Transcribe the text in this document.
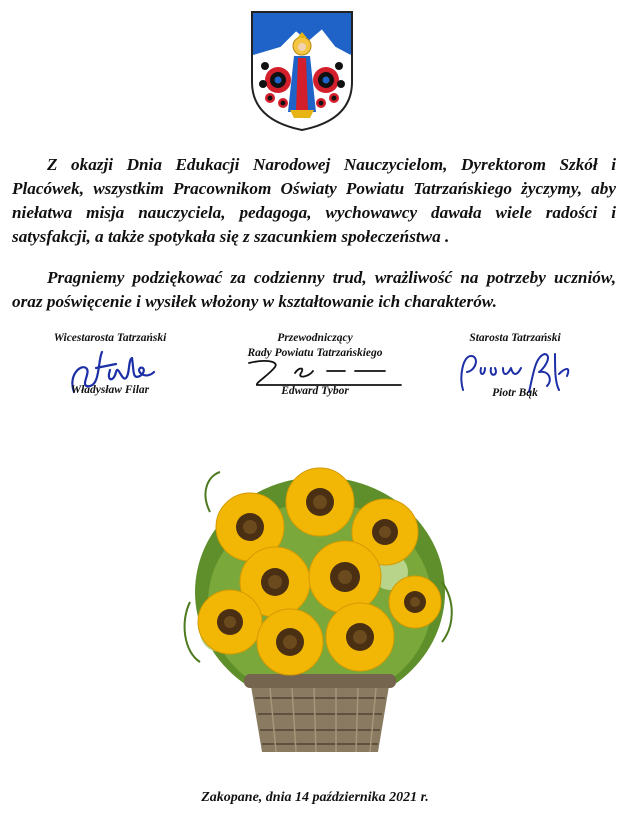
Z okazji Dnia Edukacji Narodowej Nauczycielom, Dyrektorom Szkół i Placówek, wszystkim Pracownikom Oświaty Powiatu Tatrzańskiego życzymy, aby niełatwa misja nauczyciela, pedagoga, wychowawcy dawała wiele radości i satysfakcji, a także spotykała się z szacunkiem społeczeństwa .

Pragniemy podziękować za codzienny trud, wrażliwość na potrzeby uczniów, oraz poświęcenie i wysiłek włożony w kształtowanie ich charakterów.

Wicestarosta Tatrzański
Władysław Filar
Przewodniczący
Rady Powiatu Tatrzańskiego
Edward Tybor
Starosta Tatrzański
Piotr Bąk

Zakopane, dnia 14 października 2021 r.
